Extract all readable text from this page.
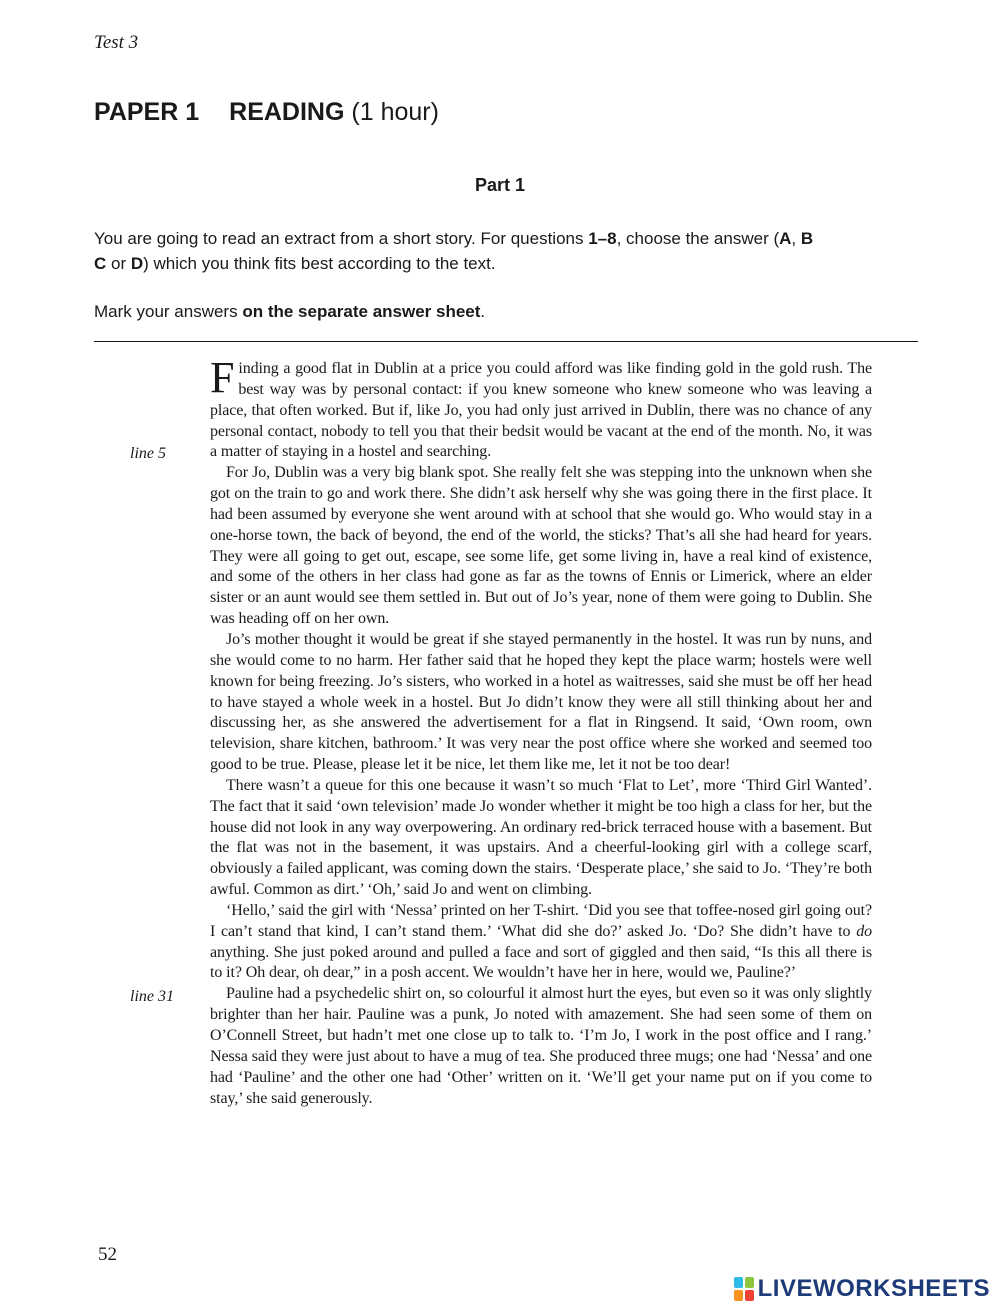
Test 3
PAPER 1 READING (1 hour)
Part 1

You are going to read an extract from a short story. For questions 1–8, choose the answer (A, B
C or D) which you think fits best according to the text.

Mark your answers on the separate answer sheet.

line 5
line 31

Finding a good flat in Dublin at a price you could afford was like finding gold in the gold rush. The best way was by personal contact: if you knew someone who knew someone who was leaving a place, that often worked. But if, like Jo, you had only just arrived in Dublin, there was no chance of any personal contact, nobody to tell you that their bedsit would be vacant at the end of the month. No, it was a matter of staying in a hostel and searching.

For Jo, Dublin was a very big blank spot. She really felt she was stepping into the unknown when she got on the train to go and work there. She didn’t ask herself why she was going there in the first place. It had been assumed by everyone she went around with at school that she would go. Who would stay in a one-horse town, the back of beyond, the end of the world, the sticks? That’s all she had heard for years. They were all going to get out, escape, see some life, get some living in, have a real kind of existence, and some of the others in her class had gone as far as the towns of Ennis or Limerick, where an elder sister or an aunt would see them settled in. But out of Jo’s year, none of them were going to Dublin. She was heading off on her own.

Jo’s mother thought it would be great if she stayed permanently in the hostel. It was run by nuns, and she would come to no harm. Her father said that he hoped they kept the place warm; hostels were well known for being freezing. Jo’s sisters, who worked in a hotel as waitresses, said she must be off her head to have stayed a whole week in a hostel. But Jo didn’t know they were all still thinking about her and discussing her, as she answered the advertisement for a flat in Ringsend. It said, ‘Own room, own television, share kitchen, bathroom.’ It was very near the post office where she worked and seemed too good to be true. Please, please let it be nice, let them like me, let it not be too dear!

There wasn’t a queue for this one because it wasn’t so much ‘Flat to Let’, more ‘Third Girl Wanted’. The fact that it said ‘own television’ made Jo wonder whether it might be too high a class for her, but the house did not look in any way overpowering. An ordinary red-brick terraced house with a basement. But the flat was not in the basement, it was upstairs. And a cheerful-looking girl with a college scarf, obviously a failed applicant, was coming down the stairs. ‘Desperate place,’ she said to Jo. ‘They’re both awful. Common as dirt.’ ‘Oh,’ said Jo and went on climbing.

‘Hello,’ said the girl with ‘Nessa’ printed on her T-shirt. ‘Did you see that toffee-nosed girl going out? I can’t stand that kind, I can’t stand them.’ ‘What did she do?’ asked Jo. ‘Do? She didn’t have to do anything. She just poked around and pulled a face and sort of giggled and then said, “Is this all there is to it? Oh dear, oh dear,” in a posh accent. We wouldn’t have her in here, would we, Pauline?’

Pauline had a psychedelic shirt on, so colourful it almost hurt the eyes, but even so it was only slightly brighter than her hair. Pauline was a punk, Jo noted with amazement. She had seen some of them on O’Connell Street, but hadn’t met one close up to talk to. ‘I’m Jo, I work in the post office and I rang.’ Nessa said they were just about to have a mug of tea. She produced three mugs; one had ‘Nessa’ and one had ‘Pauline’ and the other one had ‘Other’ written on it. ‘We’ll get your name put on if you come to stay,’ she said generously.

52
LIVEWORKSHEETS
